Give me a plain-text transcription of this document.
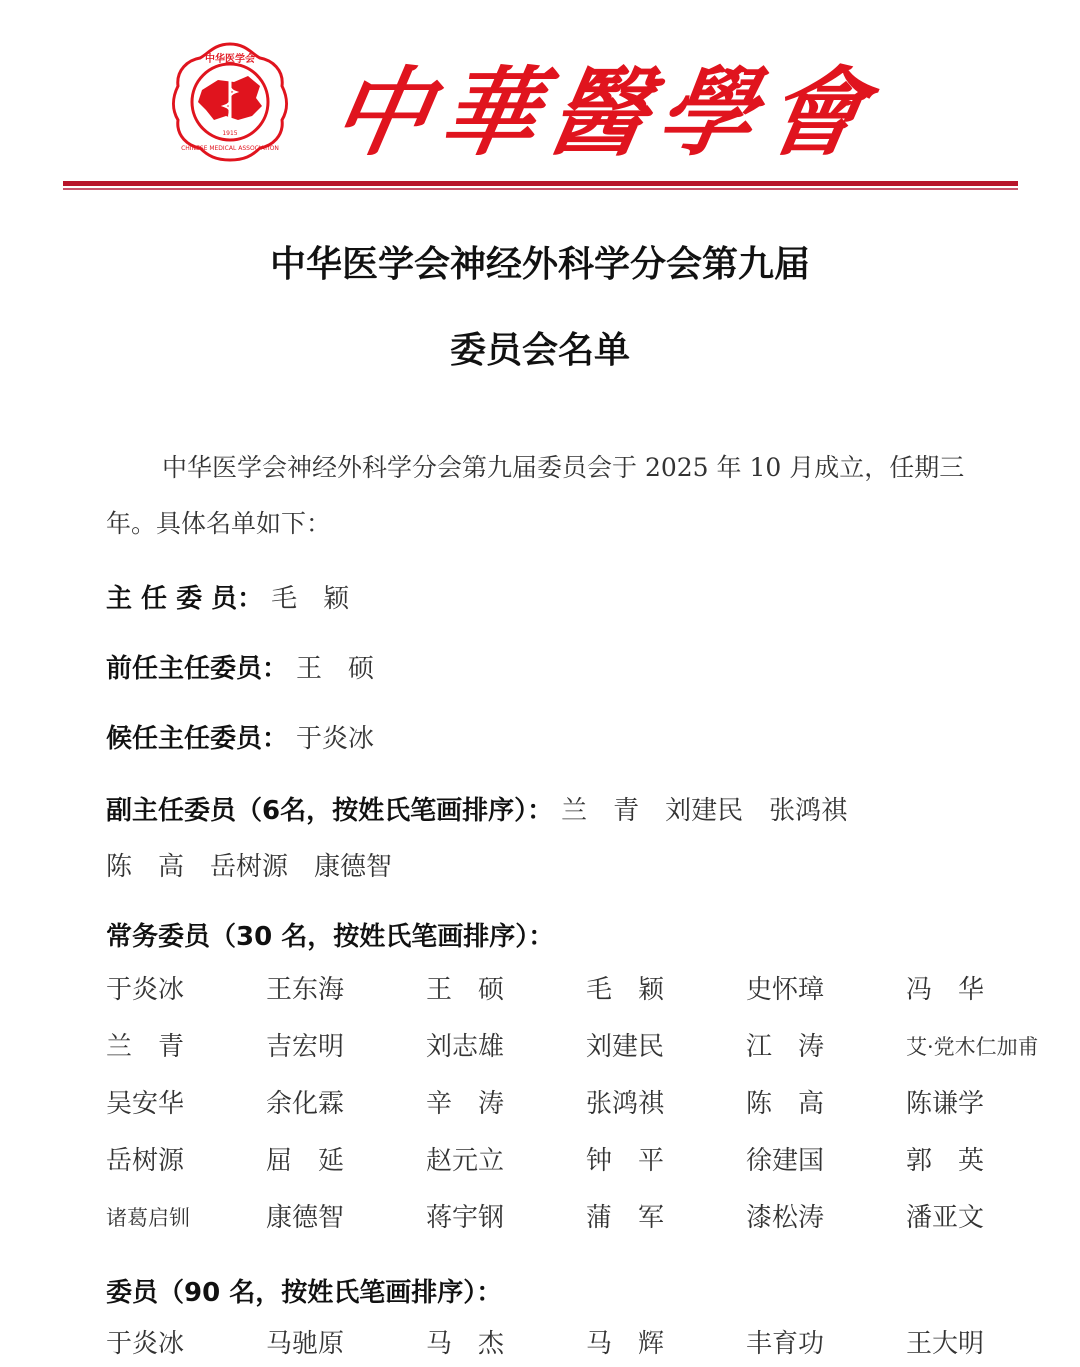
中华医学会
CHINESE MEDICAL ASSOCIATION
1915 中
華
醫
學
會
中华医学会神经外科学分会第九届
委员会名单
中华医学会神经外科学分会第九届委员会于 2025 年 10 月成立，任期三年。具体名单如下：
主 任 委 员： 毛　颖
前任主任委员： 王　硕
候任主任委员： 于炎冰
副主任委员（6名，按姓氏笔画排序）： 兰　青　刘建民　张鸿祺
陈　高　岳树源　康德智
常务委员（30 名，按姓氏笔画排序）：
于炎冰	王东海	王　硕	毛　颖	史怀璋	冯　华
兰　青	吉宏明	刘志雄	刘建民	江　涛	艾·党木仁加甫
吴安华	余化霖	辛　涛	张鸿祺	陈　高	陈谦学
岳树源	屈　延	赵元立	钟　平	徐建国	郭　英
诸葛启钏	康德智	蒋宇钢	蒲　军	漆松涛	潘亚文
委员（90 名，按姓氏笔画排序）：
于炎冰	马驰原	马　杰	马　辉	丰育功	王大明
